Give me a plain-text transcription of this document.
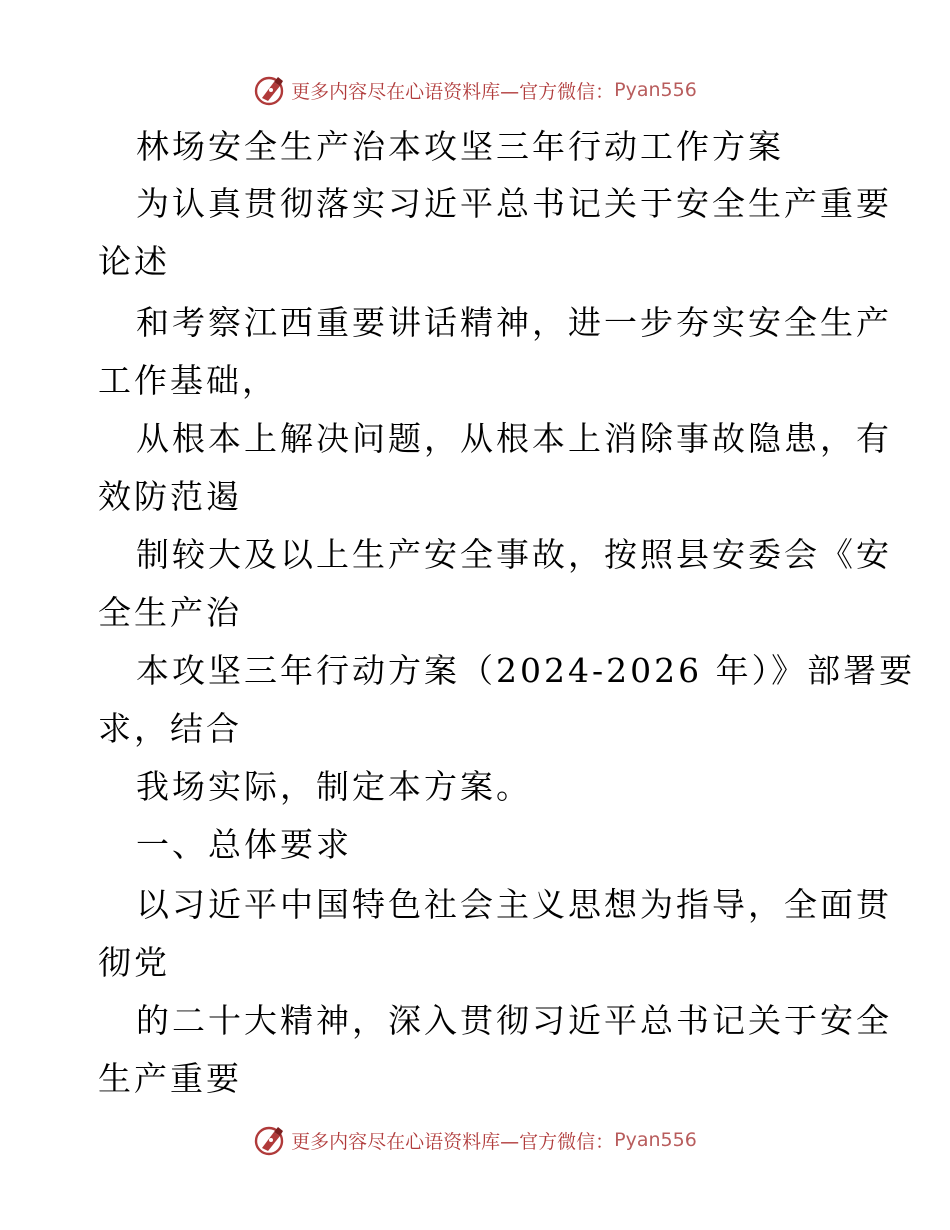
更多内容尽在心语资料库—官方微信： Pyan556
林场安全生产治本攻坚三年行动工作方案
为认真贯彻落实习近平总书记关于安全生产重要
论述
和考察江西重要讲话精神，进一步夯实安全生产
工作基础，
从根本上解决问题，从根本上消除事故隐患，有
效防范遏
制较大及以上生产安全事故，按照县安委会《安
全生产治
本攻坚三年行动方案（2024-2026 年）》部署要
求，结合
我场实际，制定本方案。
一、总体要求
以习近平中国特色社会主义思想为指导，全面贯
彻党
的二十大精神，深入贯彻习近平总书记关于安全
生产重要
更多内容尽在心语资料库—官方微信： Pyan556
